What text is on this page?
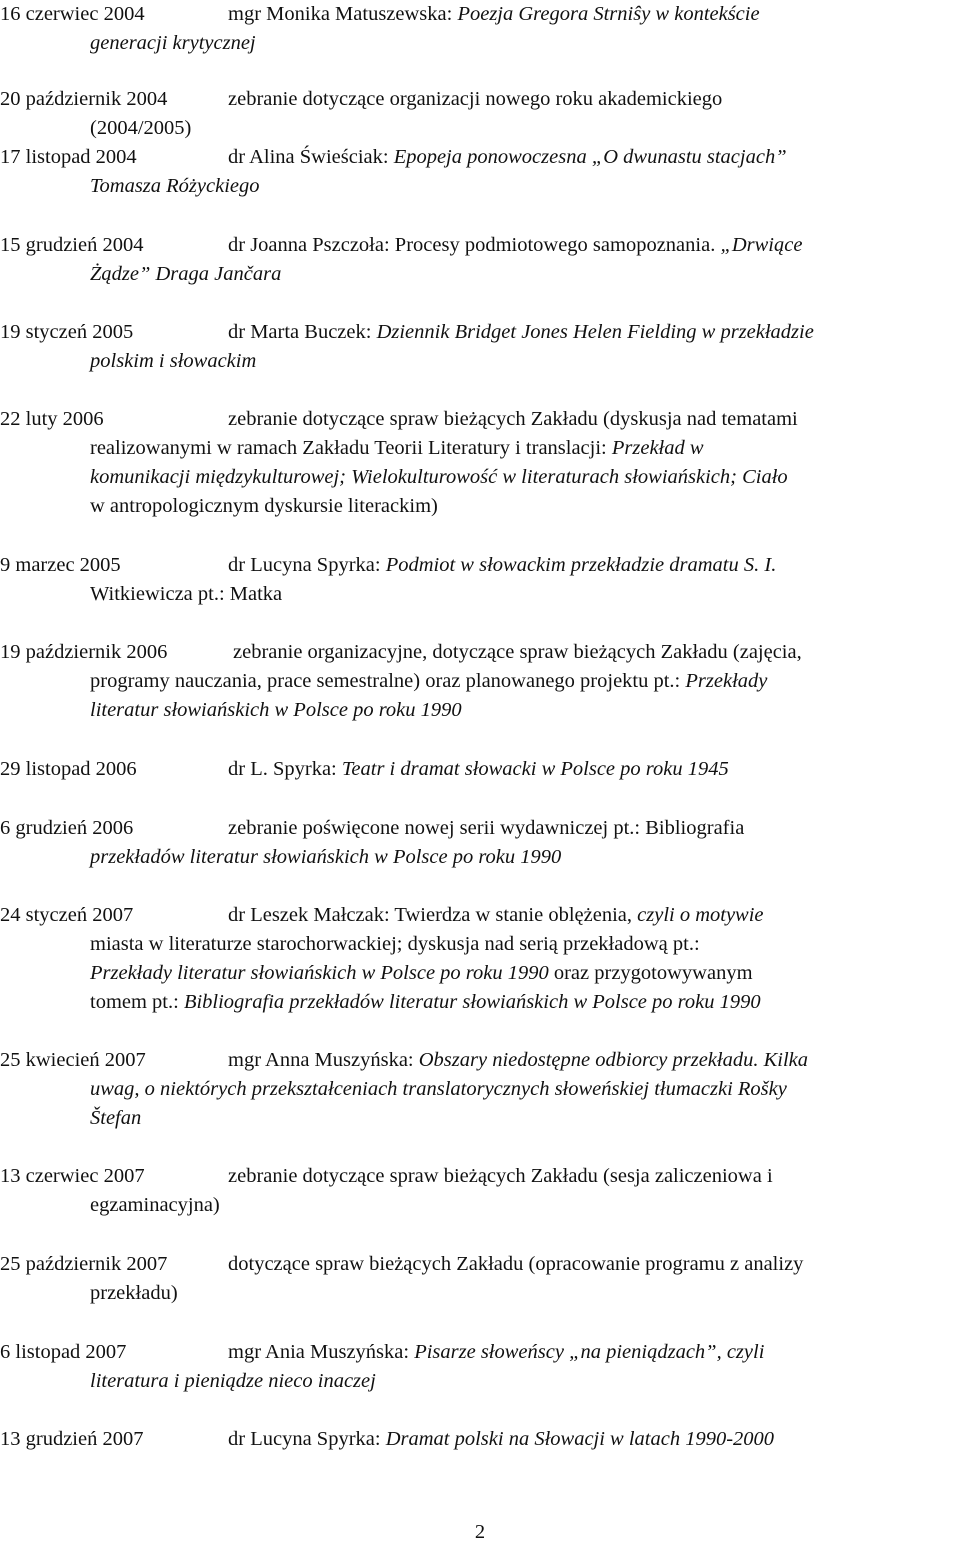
16 czerwiec 2004	mgr Monika Matuszewska: Poezja Gregora Strniŝy w kontekście
generacji krytycznej
20 październik 2004	zebranie dotyczące organizacji nowego roku akademickiego
(2004/2005)
17 listopad 2004	dr Alina Świeściak: Epopeja ponowoczesna „O dwunastu stacjach”
Tomasza Różyckiego
15 grudzień 2004	dr Joanna Pszczoła: Procesy podmiotowego samopoznania. „Drwiące
Żądze” Draga Jančara
19 styczeń 2005	dr Marta Buczek: Dziennik Bridget Jones Helen Fielding w przekładzie
polskim i słowackim
22 luty 2006	zebranie dotyczące spraw bieżących Zakładu (dyskusja nad tematami
realizowanymi w ramach Zakładu Teorii Literatury i translacji: Przekład w
komunikacji międzykulturowej; Wielokulturowość w literaturach słowiańskich; Ciało
w antropologicznym dyskursie literackim)
9 marzec 2005	dr Lucyna Spyrka: Podmiot w słowackim przekładzie dramatu S. I.
Witkiewicza pt.: Matka
19 październik 2006	zebranie organizacyjne, dotyczące spraw bieżących Zakładu (zajęcia,
programy nauczania, prace semestralne) oraz planowanego projektu pt.: Przekłady
literatur słowiańskich w Polsce po roku 1990
29 listopad 2006	dr L. Spyrka: Teatr i dramat słowacki w Polsce po roku 1945
6 grudzień 2006	zebranie poświęcone nowej serii wydawniczej pt.: Bibliografia
przekładów literatur słowiańskich w Polsce po roku 1990
24 styczeń 2007	dr Leszek Małczak: Twierdza w stanie oblężenia, czyli o motywie
miasta w literaturze starochorwackiej; dyskusja nad serią przekładową pt.:
Przekłady literatur słowiańskich w Polsce po roku 1990 oraz przygotowywanym
tomem pt.: Bibliografia przekładów literatur słowiańskich w Polsce po roku 1990
25 kwiecień 2007	mgr Anna Muszyńska: Obszary niedostępne odbiorcy przekładu. Kilka
uwag, o niektórych przekształceniach translatorycznych słoweńskiej tłumaczki Rošky
Štefan
13 czerwiec 2007	zebranie dotyczące spraw bieżących Zakładu (sesja zaliczeniowa i
egzaminacyjna)
25 październik 2007	dotyczące spraw bieżących Zakładu (opracowanie programu z analizy
przekładu)
6 listopad 2007	mgr Ania Muszyńska: Pisarze słoweńscy „na pieniądzach”, czyli
literatura i pieniądze nieco inaczej
13 grudzień 2007	dr Lucyna Spyrka: Dramat polski na Słowacji w latach 1990-2000
2
